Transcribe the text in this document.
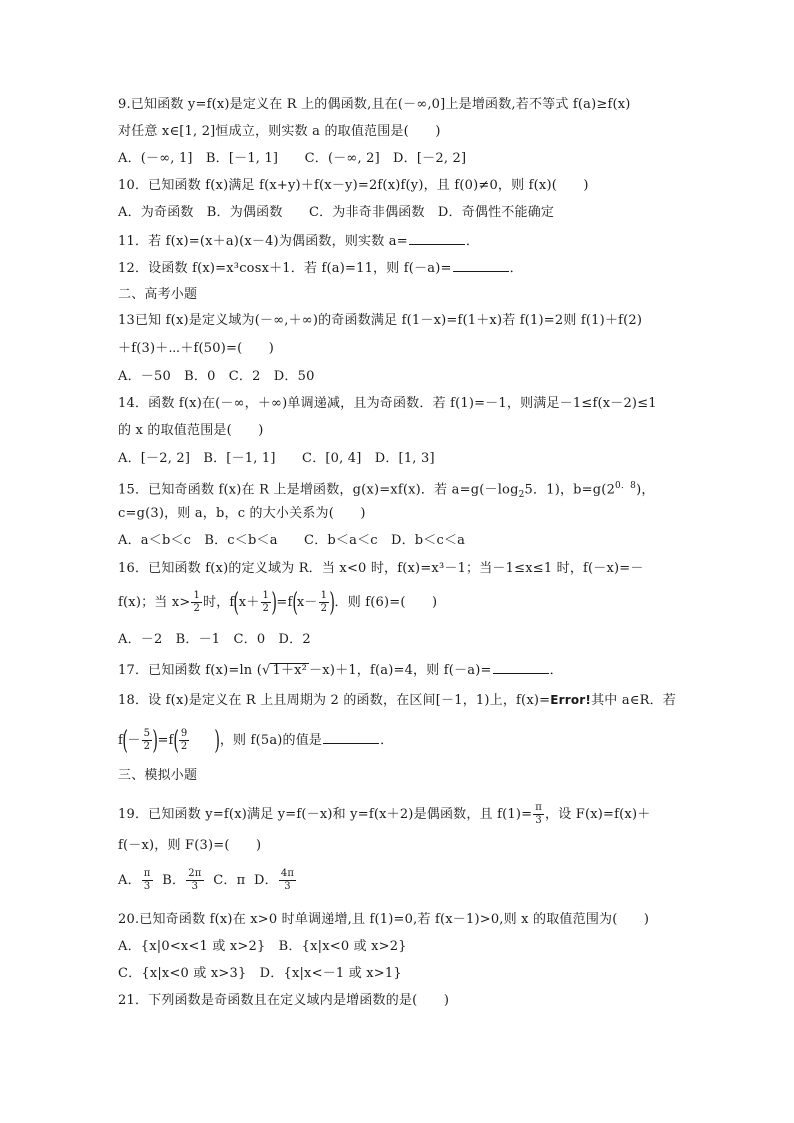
9.已知函数 y=f(x)是定义在 R 上的偶函数,且在(－∞,0]上是增函数,若不等式 f(a)≥f(x)
对任意 x∈[1, 2]恒成立，则实数 a 的取值范围是(　　)
A．(－∞, 1]　B．[－1, 1]　　C．(－∞, 2]　D．[－2, 2]
10．已知函数 f(x)满足 f(x+y)＋f(x－y)=2f(x)f(y)，且 f(0)≠0，则 f(x)(　　)
A．为奇函数　B．为偶函数　　C．为非奇非偶函数　D．奇偶性不能确定
11．若 f(x)=(x＋a)(x－4)为偶函数，则实数 a=	．
12．设函数 f(x)=x³cosx＋1．若 f(a)=11，则 f(－a)=	．
二、高考小题
13已知 f(x)是定义域为(－∞,＋∞)的奇函数满足 f(1－x)=f(1＋x)若 f(1)=2则 f(1)＋f(2)
＋f(3)＋⋯＋f(50)=(　　)
A．－50　B．0　C．2　D．50
14．函数 f(x)在(－∞，＋∞)单调递减，且为奇函数．若 f(1)=－1，则满足－1≤f(x－2)≤1
的 x 的取值范围是(　　)
A．[－2, 2]　B．[－1, 1]　　C．[0, 4]　D．[1, 3]
15．已知奇函数 f(x)在 R 上是增函数，g(x)=xf(x)．若 $a=g(-\log_25$．1)，$b=g(2^{0.8})$，
c=g(3)，则 a，b，c 的大小关系为(　　)
A．a＜b＜c　B．c＜b＜a　　C．b＜a＜c　D．b＜c＜a
16．已知函数 f(x)的定义域为 R．当 x<0 时，f(x)=x³－1；当－1≤x≤1 时，f(－x)=－
f(x)；当 $x> \frac{1}{2}$ 时，$f(x+ \frac{1}{2} )=f(x- \frac{1}{2}$ )．则 f(6)=(　　)
A．－2　B．－1　C．0　D．2
17．已知函数 f(x)=ln (√ 1＋x² －x)＋1，f(a)=4，则 f(－a)=	．
18．设 f(x)是定义在 R 上且周期为 2 的函数，在区间[－1，1)上，f(x)=Error!其中 a∈R．若
$f(- \frac{5}{2} )=f( \frac{9}{2}$ )，则 f(5a)的值是	．
三、模拟小题
19．已知函数 y=f(x)满足 y=f(－x)和 y=f(x＋2)是偶函数，且 $f(1)= \frac{\pi}{3}$ ，设 F(x)=f(x)＋
f(－x)，则 F(3)=(　　)
A． $\frac{\pi}{3}$ B． $\frac{2\pi}{3}$ C．π D． $\frac{4\pi}{3}$
20.已知奇函数 f(x)在 x>0 时单调递增,且 f(1)=0,若 f(x－1)>0,则 x 的取值范围为(　　)
A．{x|0<x<1 或 x>2}　B．{x|x<0 或 x>2}
C．{x|x<0 或 x>3}　D．{x|x<－1 或 x>1}
21．下列函数是奇函数且在定义域内是增函数的是(　　)
